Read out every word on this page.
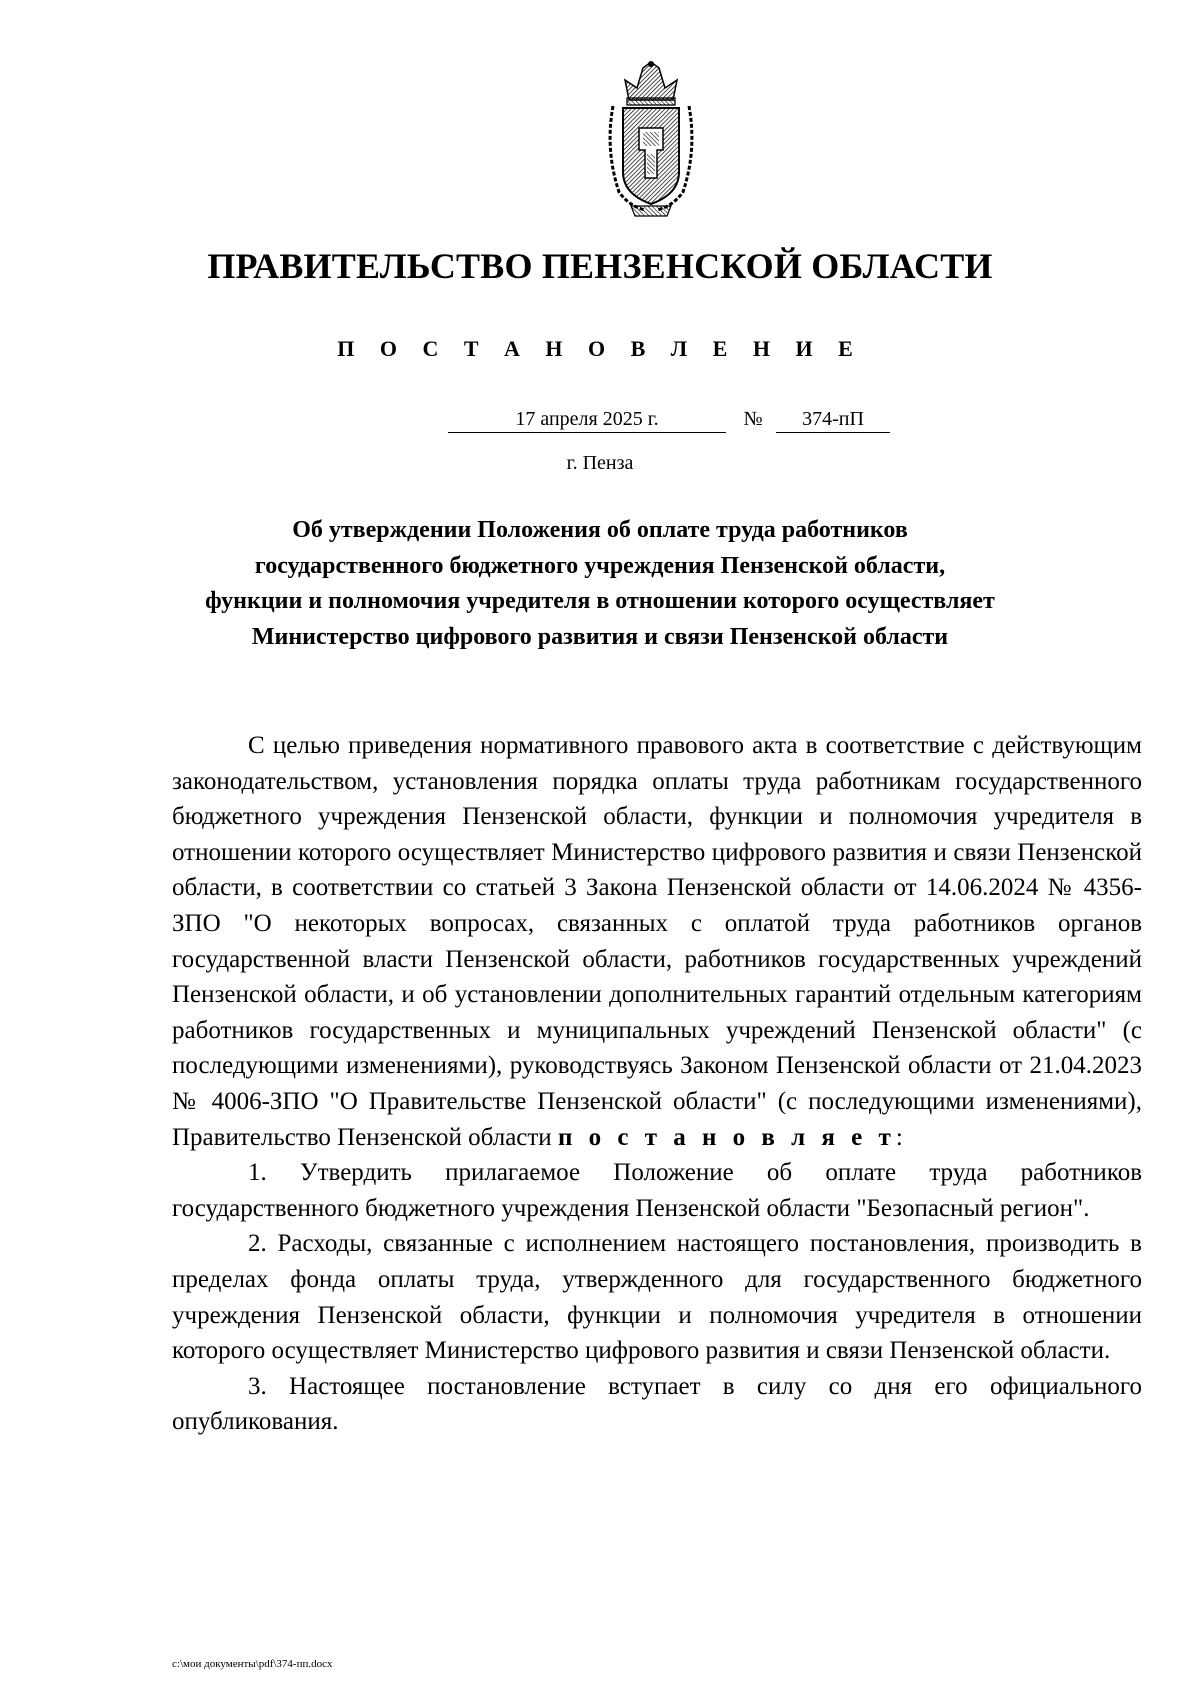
ПРАВИТЕЛЬСТВО ПЕНЗЕНСКОЙ ОБЛАСТИ
П О С Т А Н О В Л Е Н И Е
17 апреля 2025 г.	№	374-пП
г. Пенза
Об утверждении Положения об оплате труда работников
государственного бюджетного учреждения Пензенской области,
функции и полномочия учредителя в отношении которого осуществляет
Министерство цифрового развития и связи Пензенской области

С целью приведения нормативного правового акта в соответствие с действующим законодательством, установления порядка оплаты труда работникам государственного бюджетного учреждения Пензенской области, функции и полномочия учредителя в отношении которого осуществляет Министерство цифрового развития и связи Пензенской области, в соответствии со статьей 3 Закона Пензенской области от 14.06.2024 № 4356-ЗПО "О некоторых вопросах, связанных с оплатой труда работников органов государственной власти Пензенской области, работников государственных учреждений Пензенской области, и об установлении дополнительных гарантий отдельным категориям работников государственных и муниципальных учреждений Пензенской области" (с последующими изменениями), руководствуясь Законом Пензенской области от 21.04.2023 № 4006-ЗПО "О Правительстве Пензенской области" (с последующими изменениями), Правительство Пензенской области п о с т а н о в л я е т:

1. Утвердить прилагаемое Положение об оплате труда работников государственного бюджетного учреждения Пензенской области "Безопасный регион".

2. Расходы, связанные с исполнением настоящего постановления, производить в пределах фонда оплаты труда, утвержденного для государственного бюджетного учреждения Пензенской области, функции и полномочия учредителя в отношении которого осуществляет Министерство цифрового развития и связи Пензенской области.

3. Настоящее постановление вступает в силу со дня его официального опубликования.

c:\мои документы\pdf\374-пп.docx
